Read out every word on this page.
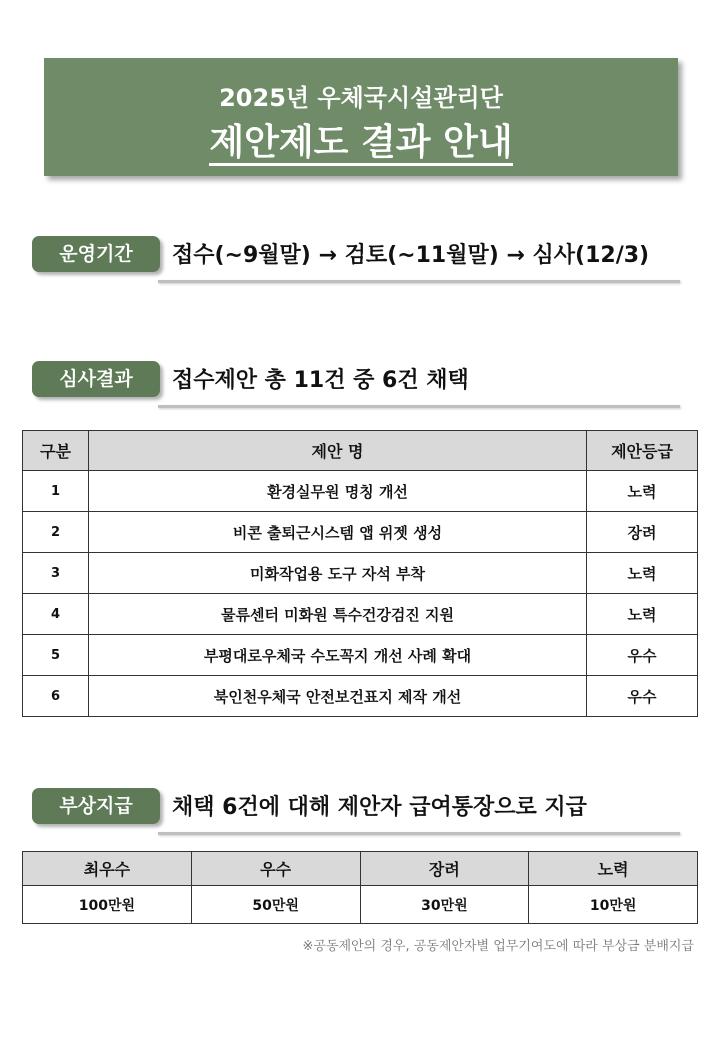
2025년 우체국시설관리단
제안제도 결과 안내
운영기간	접수(~9월말) → 검토(~11월말) → 심사(12/3)
심사결과	접수제안 총 11건 중 6건 채택
구분	제안 명	제안등급
1	환경실무원 명칭 개선	노력
2	비콘 출퇴근시스템 앱 위젯 생성	장려
3	미화작업용 도구 자석 부착	노력
4	물류센터 미화원 특수건강검진 지원	노력
5	부평대로우체국 수도꼭지 개선 사례 확대	우수
6	북인천우체국 안전보건표지 제작 개선	우수
부상지급	채택 6건에 대해 제안자 급여통장으로 지급
최우수	우수	장려	노력
100만원	50만원	30만원	10만원
※공동제안의 경우, 공동제안자별 업무기여도에 따라 부상금 분배지급
